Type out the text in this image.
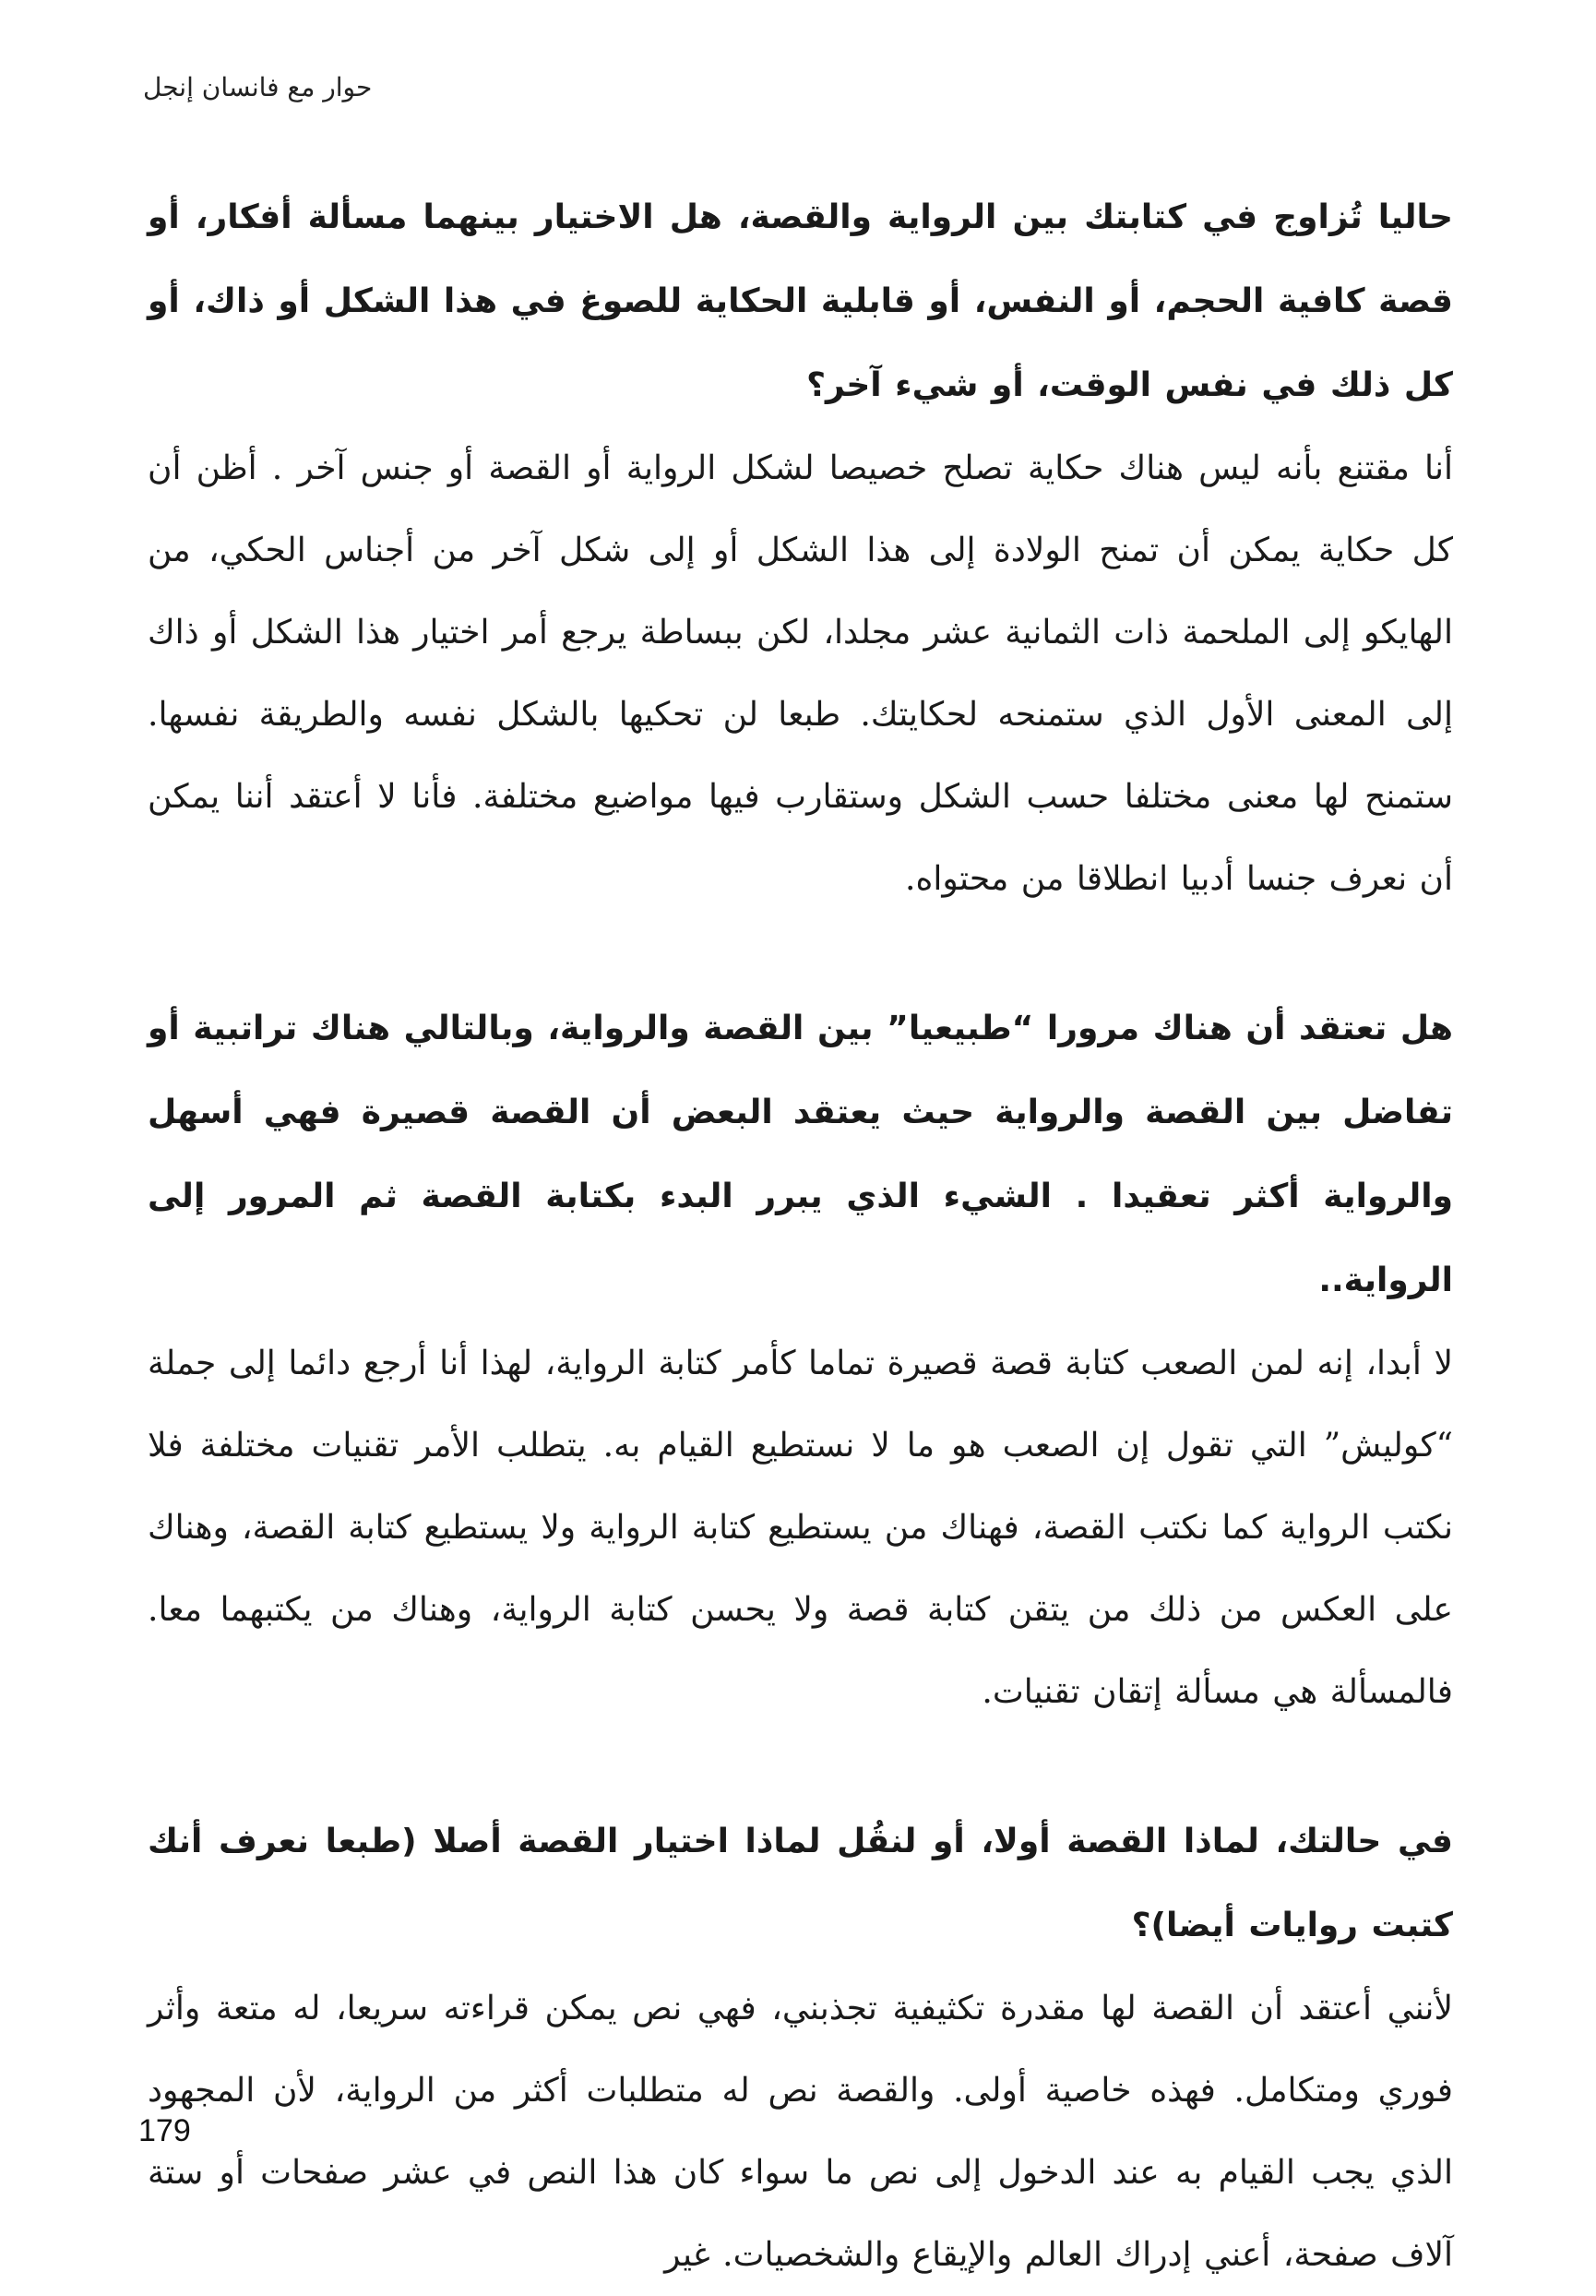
حوار مع فانسان إنجل

حاليا تُزاوج في كتابتك بين الرواية والقصة، هل الاختيار بينهما مسألة أفكار، أو قصة كافية الحجم، أو النفس، أو قابلية الحكاية للصوغ في هذا الشكل أو ذاك، أو كل ذلك في نفس الوقت، أو شيء آخر؟

أنا مقتنع بأنه ليس هناك حكاية تصلح خصيصا لشكل الرواية أو القصة أو جنس آخر . أظن أن كل حكاية يمكن أن تمنح الولادة إلى هذا الشكل أو إلى شكل آخر من أجناس الحكي، من الهايكو إلى الملحمة ذات الثمانية عشر مجلدا، لكن ببساطة يرجع أمر اختيار هذا الشكل أو ذاك إلى المعنى الأول الذي ستمنحه لحكايتك. طبعا لن تحكيها بالشكل نفسه والطريقة نفسها. ستمنح لها معنى مختلفا حسب الشكل وستقارب فيها مواضيع مختلفة. فأنا لا أعتقد أننا يمكن أن نعرف جنسا أدبيا انطلاقا من محتواه.

هل تعتقد أن هناك مرورا “طبيعيا” بين القصة والرواية، وبالتالي هناك تراتبية أو تفاضل بين القصة والرواية حيث يعتقد البعض أن القصة قصيرة فهي أسهل والرواية أكثر تعقيدا . الشيء الذي يبرر البدء بكتابة القصة ثم المرور إلى الرواية..

لا أبدا، إنه لمن الصعب كتابة قصة قصيرة تماما كأمر كتابة الرواية، لهذا أنا أرجع دائما إلى جملة “كوليش” التي تقول إن الصعب هو ما لا نستطيع القيام به. يتطلب الأمر تقنيات مختلفة فلا نكتب الرواية كما نكتب القصة، فهناك من يستطيع كتابة الرواية ولا يستطيع كتابة القصة، وهناك على العكس من ذلك من يتقن كتابة قصة ولا يحسن كتابة الرواية، وهناك من يكتبهما معا. فالمسألة هي مسألة إتقان تقنيات.

في حالتك، لماذا القصة أولا، أو لنقُل لماذا اختيار القصة أصلا (طبعا نعرف أنك كتبت روايات أيضا)؟

لأنني أعتقد أن القصة لها مقدرة تكثيفية تجذبني، فهي نص يمكن قراءته سريعا، له متعة وأثر فوري ومتكامل. فهذه خاصية أولى. والقصة نص له متطلبات أكثر من الرواية، لأن المجهود الذي يجب القيام به عند الدخول إلى نص ما سواء كان هذا النص في عشر صفحات أو ستة آلاف صفحة، أعني إدراك العالم والإيقاع والشخصيات. غير

179
